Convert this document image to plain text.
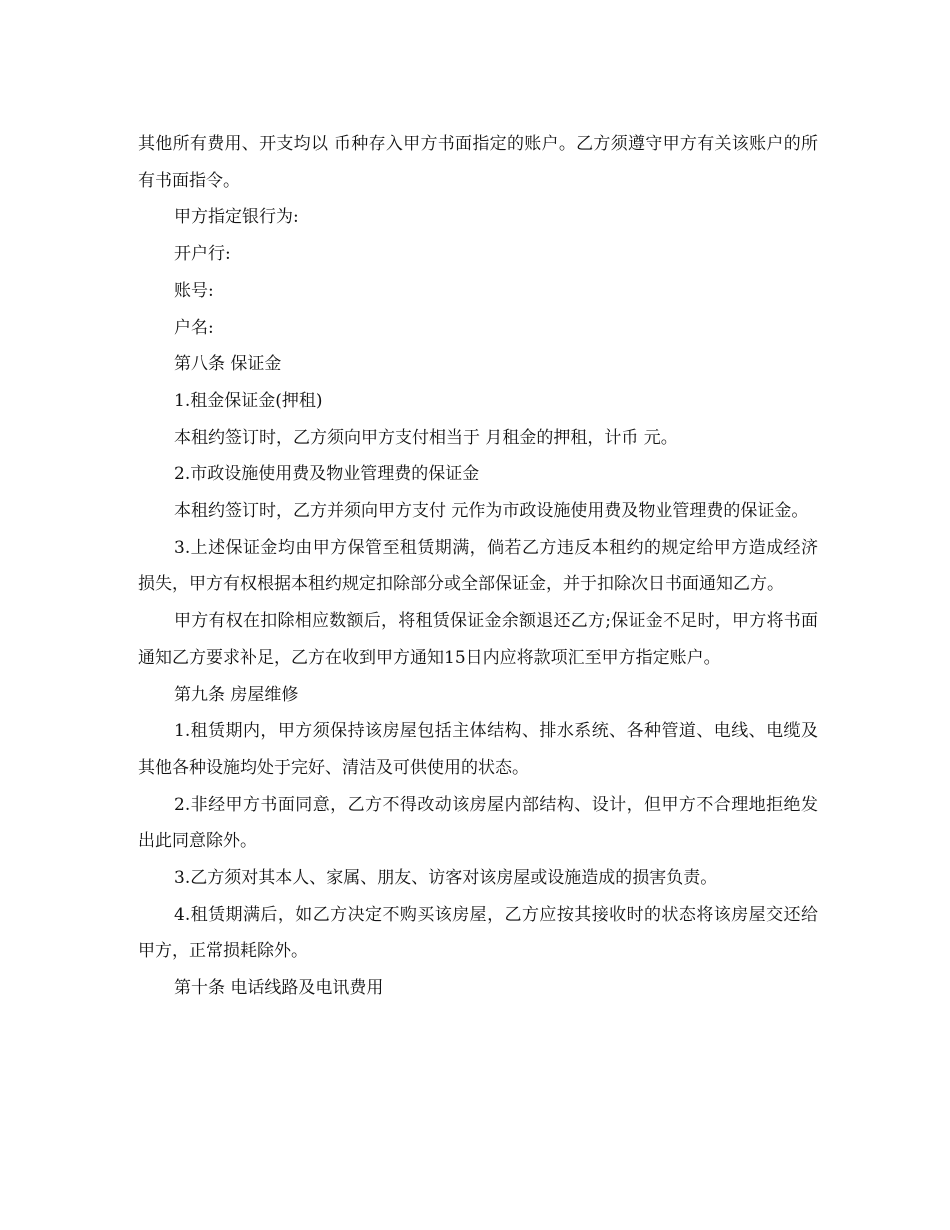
其他所有费用、开支均以 币种存入甲方书面指定的账户。乙方须遵守甲方有关该账户的所有书面指令。

甲方指定银行为:

开户行:

账号:

户名:

第八条 保证金

1.租金保证金(押租)

本租约签订时，乙方须向甲方支付相当于 月租金的押租，计币 元。

2.市政设施使用费及物业管理费的保证金

本租约签订时，乙方并须向甲方支付 元作为市政设施使用费及物业管理费的保证金。

3.上述保证金均由甲方保管至租赁期满，倘若乙方违反本租约的规定给甲方造成经济损失，甲方有权根据本租约规定扣除部分或全部保证金，并于扣除次日书面通知乙方。

甲方有权在扣除相应数额后，将租赁保证金余额退还乙方;保证金不足时，甲方将书面通知乙方要求补足，乙方在收到甲方通知15日内应将款项汇至甲方指定账户。

第九条 房屋维修

1.租赁期内，甲方须保持该房屋包括主体结构、排水系统、各种管道、电线、电缆及其他各种设施均处于完好、清洁及可供使用的状态。

2.非经甲方书面同意，乙方不得改动该房屋内部结构、设计，但甲方不合理地拒绝发出此同意除外。

3.乙方须对其本人、家属、朋友、访客对该房屋或设施造成的损害负责。

4.租赁期满后，如乙方决定不购买该房屋，乙方应按其接收时的状态将该房屋交还给甲方，正常损耗除外。

第十条 电话线路及电讯费用
